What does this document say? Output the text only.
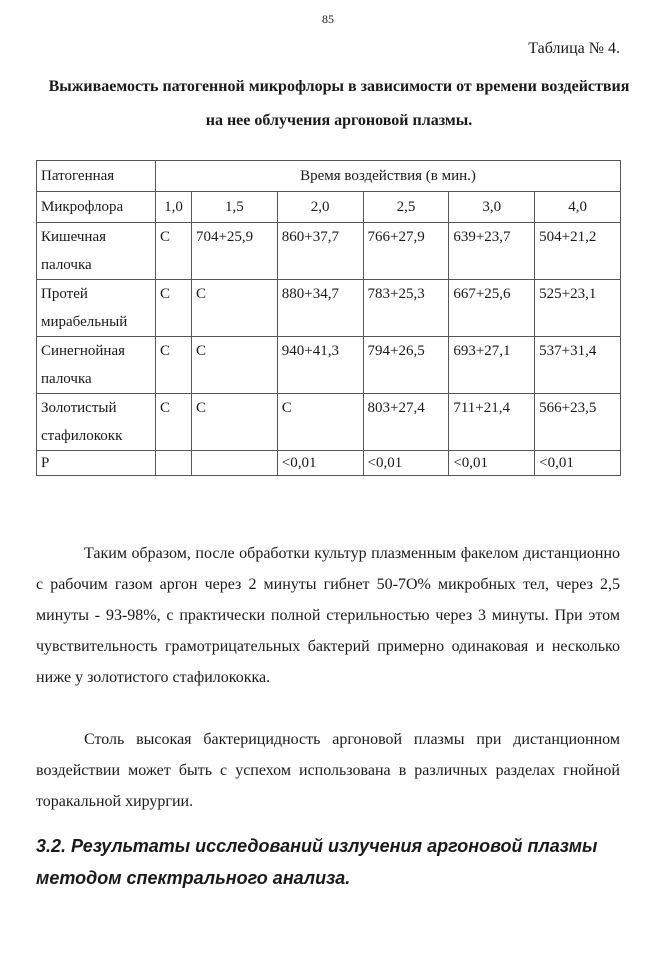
85
Таблица № 4.
Выживаемость патогенной микрофлоры в зависимости от времени воздействия на нее облучения аргоновой плазмы.
Патогенная	Время воздействия (в мин.)					
Микрофлора	1,0	1,5	2,0	2,5	3,0	4,0
Кишечная
палочка	С	704+25,9	860+37,7	766+27,9	639+23,7	504+21,2
Протей
мирабельный	С	С	880+34,7	783+25,3	667+25,6	525+23,1
Синегнойная
палочка	С	С	940+41,3	794+26,5	693+27,1	537+31,4
Золотистый
стафилококк	С	С	С	803+27,4	711+21,4	566+23,5
Р			<0,01	<0,01	<0,01	<0,01
Таким образом, после обработки культур плазменным факелом дистанционно с рабочим газом аргон через 2 минуты гибнет 50-7О% микробных тел, через 2,5 минуты - 93-98%, с практически полной стерильностью через 3 минуты. При этом чувствительность грамотрицательных бактерий примерно одинаковая и несколько ниже у золотистого стафилококка.
Столь высокая бактерицидность аргоновой плазмы при дистанционном воздействии может быть с успехом использована в различных разделах гнойной торакальной хирургии.
3.2. Результаты исследований излучения аргоновой плазмы методом спектрального анализа.
